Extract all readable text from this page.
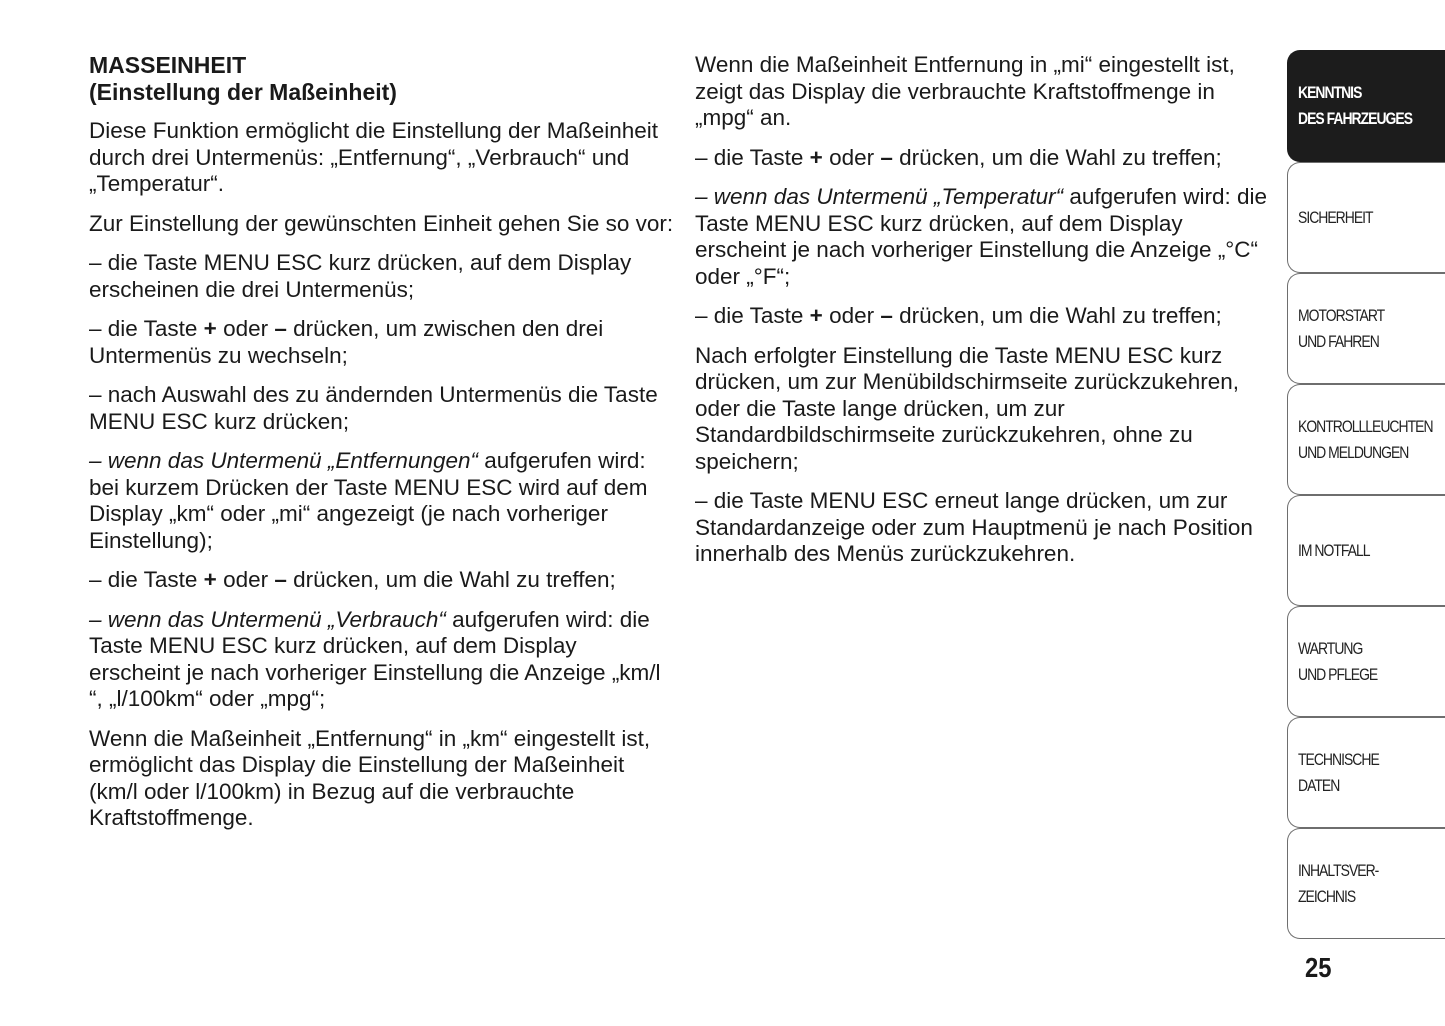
MASSEINHEIT
(Einstellung der Maßeinheit)

Diese Funktion ermöglicht die Einstellung der Maßeinheit durch drei Untermenüs: „Entfernung“, „Verbrauch“ und „Temperatur“.

Zur Einstellung der gewünschten Einheit gehen Sie so vor:

– die Taste MENU ESC kurz drücken, auf dem Display erscheinen die drei Untermenüs;

– die Taste + oder – drücken, um zwischen den drei Untermenüs zu wechseln;

– nach Auswahl des zu ändernden Untermenüs die Taste MENU ESC kurz drücken;

– wenn das Untermenü „Entfernungen“ aufgerufen wird: bei kurzem Drücken der Taste MENU ESC wird auf dem Display „km“ oder „mi“ angezeigt (je nach vorheriger Einstellung);

– die Taste + oder – drücken, um die Wahl zu treffen;

– wenn das Untermenü „Verbrauch“ aufgerufen wird: die Taste MENU ESC kurz drücken, auf dem Display erscheint je nach vorheriger Einstellung die Anzeige „km/l “, „l/100km“ oder „mpg“;

Wenn die Maßeinheit „Entfernung“ in „km“ eingestellt ist, ermöglicht das Display die Einstellung der Maßeinheit (km/l oder l/100km) in Bezug auf die verbrauchte Kraftstoffmenge.

Wenn die Maßeinheit Entfernung in „mi“ eingestellt ist, zeigt das Display die verbrauchte Kraftstoffmenge in „mpg“ an.

– die Taste + oder – drücken, um die Wahl zu treffen;

– wenn das Untermenü „Temperatur“ aufgerufen wird: die Taste MENU ESC kurz drücken, auf dem Display erscheint je nach vorheriger Einstellung die Anzeige „°C“ oder „°F“;

– die Taste + oder – drücken, um die Wahl zu treffen;

Nach erfolgter Einstellung die Taste MENU ESC kurz drücken, um zur Menübildschirmseite zurückzukehren, oder die Taste lange drücken, um zur Standardbildschirmseite zurückzukehren, ohne zu speichern;

– die Taste MENU ESC erneut lange drücken, um zur Standardanzeige oder zum Hauptmenü je nach Position innerhalb des Menüs zurückzukehren.

KENNTNIS
DES FAHRZEUGES
SICHERHEIT
MOTORSTART
UND FAHREN
KONTROLLLEUCHTEN
UND MELDUNGEN
IM NOTFALL
WARTUNG
UND PFLEGE
TECHNISCHE DATEN
INHALTSVER-
ZEICHNIS
25
